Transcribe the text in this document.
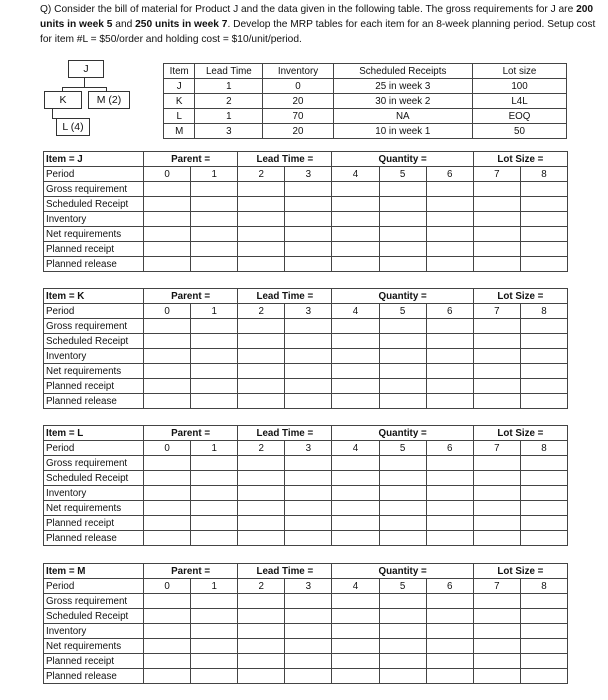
Q) Consider the bill of material for Product J and the data given in the following table. The gross requirements for J are 200 units in week 5 and 250 units in week 7. Develop the MRP tables for each item for an 8-week planning period. Setup cost for item #L = $50/order and holding cost = $10/unit/period.
J
K	M (2)
L (4)
Item	Lead Time	Inventory	Scheduled Receipts	Lot size
J	1	0	25 in week 3	100
K	2	20	30 in week 2	L4L
L	1	70	NA	EOQ
M	3	20	10 in week 1	50
Item = J	Parent =		Lead Time =		Quantity =			Lot Size =	
Period	0	1	2	3	4	5	6	7	8
Gross requirement									
Scheduled Receipt									
Inventory									
Net requirements									
Planned receipt									
Planned release									
Item = K	Parent =		Lead Time =		Quantity =			Lot Size =	
Period	0	1	2	3	4	5	6	7	8
Gross requirement									
Scheduled Receipt									
Inventory									
Net requirements									
Planned receipt									
Planned release									
Item = L	Parent =		Lead Time =		Quantity =			Lot Size =	
Period	0	1	2	3	4	5	6	7	8
Gross requirement									
Scheduled Receipt									
Inventory									
Net requirements									
Planned receipt									
Planned release									
Item = M	Parent =		Lead Time =		Quantity =			Lot Size =	
Period	0	1	2	3	4	5	6	7	8
Gross requirement									
Scheduled Receipt									
Inventory									
Net requirements									
Planned receipt									
Planned release									
